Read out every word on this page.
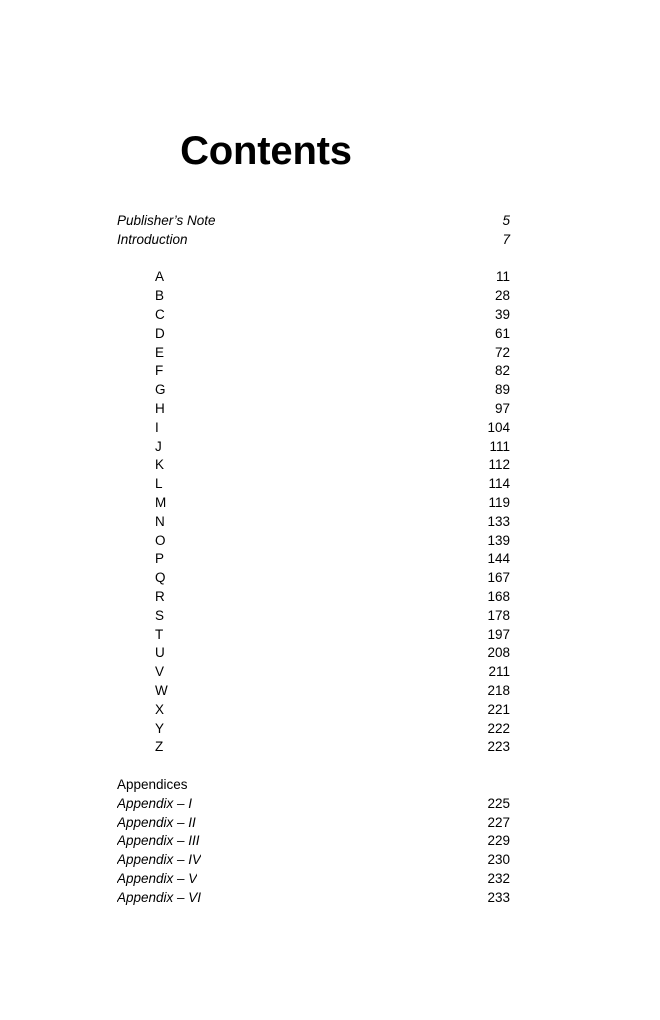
Contents
Publisher’s Note	5
Introduction	7
A	11
B	28
C	39
D	61
E	72
F	82
G	89
H	97
I	104
J	111
K	112
L	114
M	119
N	133
O	139
P	144
Q	167
R	168
S	178
T	197
U	208
V	211
W	218
X	221
Y	222
Z	223
Appendices
Appendix – I	225
Appendix – II	227
Appendix – III	229
Appendix – IV	230
Appendix – V	232
Appendix – VI	233
